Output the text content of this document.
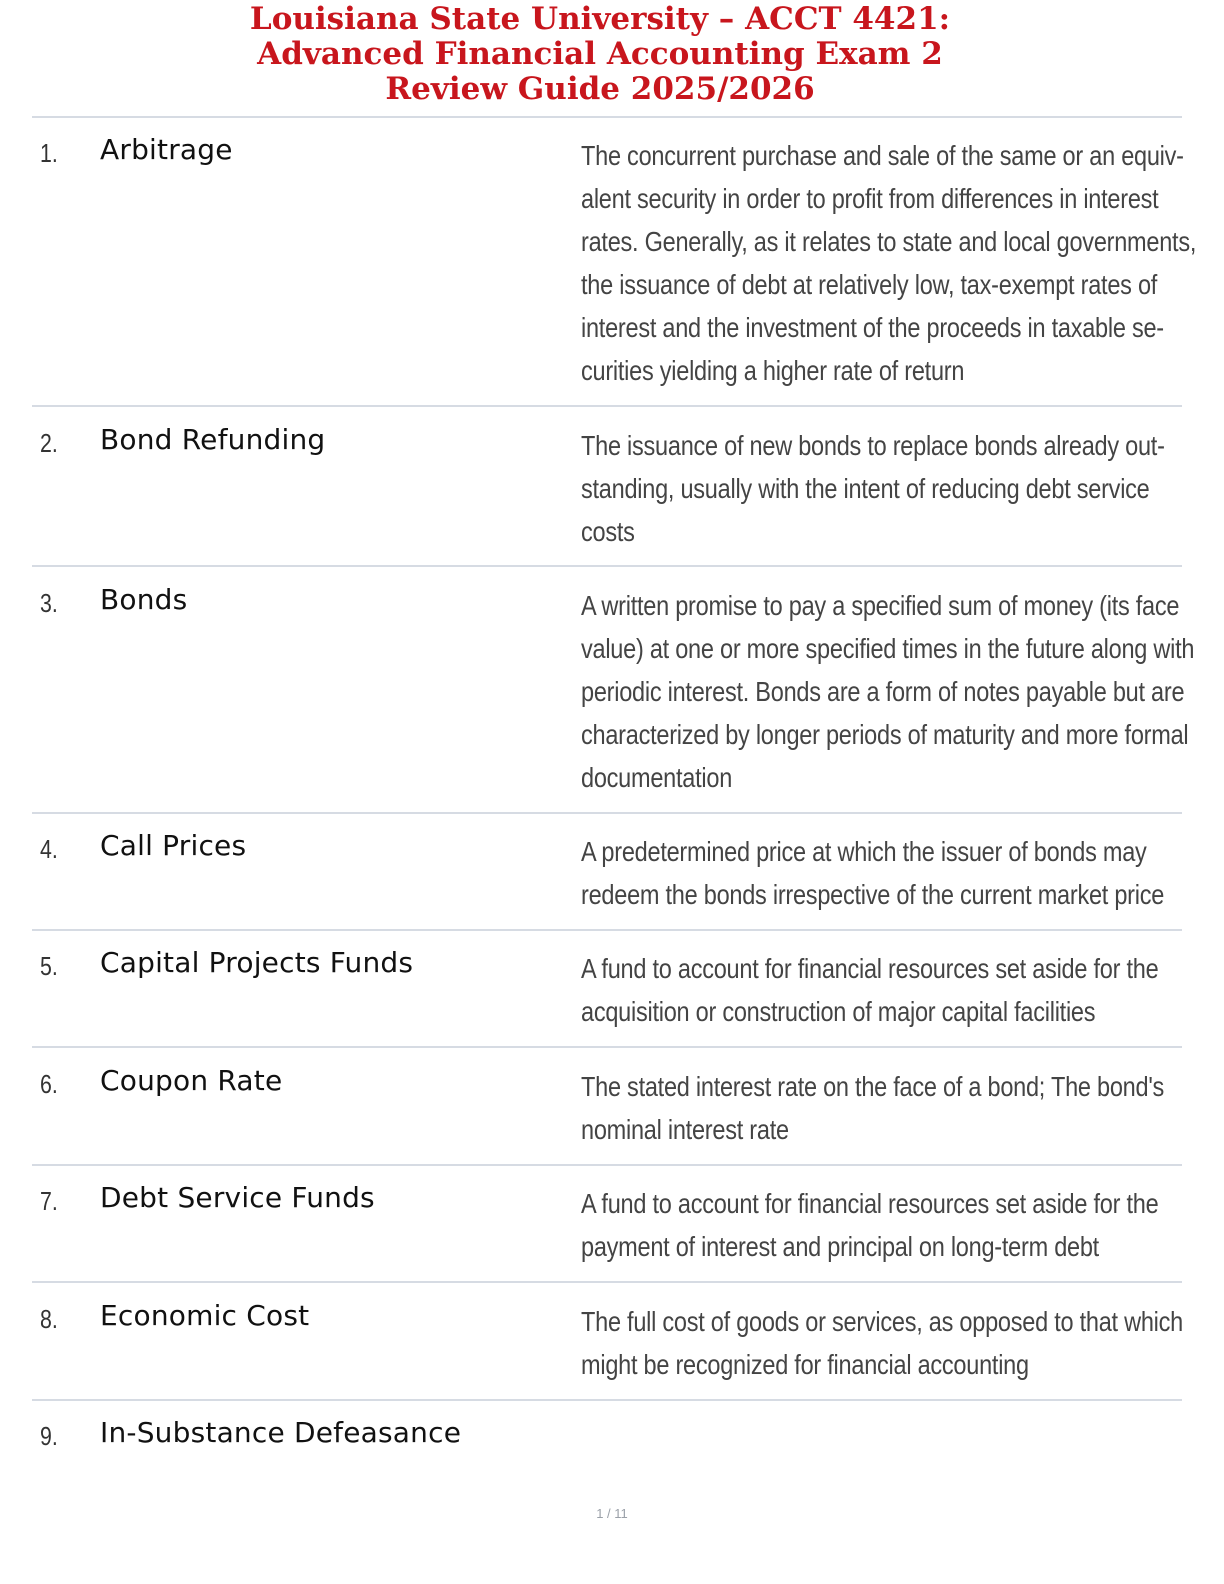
Louisiana State University – ACCT 4421:
Advanced Financial Accounting Exam 2
Review Guide 2025/2026
1. Arbitrage	The concurrent purchase and sale of the same or an equiv-
alent security in order to profit from differences in interest
rates. Generally, as it relates to state and local governments,
the issuance of debt at relatively low, tax-exempt rates of
interest and the investment of the proceeds in taxable se-
curities yielding a higher rate of return
2. Bond Refunding	The issuance of new bonds to replace bonds already out-
standing, usually with the intent of reducing debt service
costs
3. Bonds	A written promise to pay a specified sum of money (its face
value) at one or more specified times in the future along with
periodic interest. Bonds are a form of notes payable but are
characterized by longer periods of maturity and more formal
documentation
4. Call Prices	A predetermined price at which the issuer of bonds may
redeem the bonds irrespective of the current market price
5. Capital Projects Funds	A fund to account for financial resources set aside for the
acquisition or construction of major capital facilities
6. Coupon Rate	The stated interest rate on the face of a bond; The bond's
nominal interest rate
7. Debt Service Funds	A fund to account for financial resources set aside for the
payment of interest and principal on long-term debt
8. Economic Cost	The full cost of goods or services, as opposed to that which
might be recognized for financial accounting
9. In-Substance Defeasance
1 / 11
